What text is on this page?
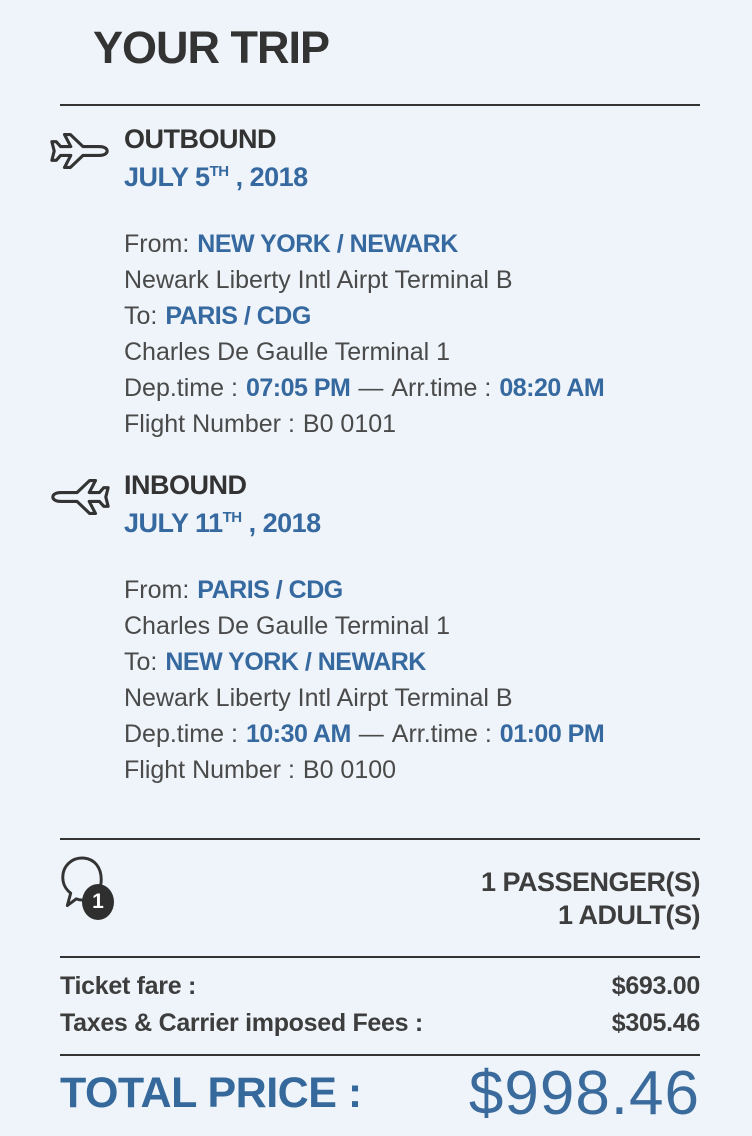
YOUR TRIP
OUTBOUND
JULY 5TH , 2018
From: NEW YORK / NEWARK
Newark Liberty Intl Airpt Terminal B
To: PARIS / CDG
Charles De Gaulle Terminal 1
Dep.time : 07:05 PM — Arr.time : 08:20 AM
Flight Number : B0 0101
INBOUND
JULY 11TH , 2018
From: PARIS / CDG
Charles De Gaulle Terminal 1
To: NEW YORK / NEWARK
Newark Liberty Intl Airpt Terminal B
Dep.time : 10:30 AM — Arr.time : 01:00 PM
Flight Number : B0 0100
1
1 PASSENGER(S)
1 ADULT(S)
Ticket fare :	$693.00
Taxes & Carrier imposed Fees :	$305.46
TOTAL PRICE : $998.46
